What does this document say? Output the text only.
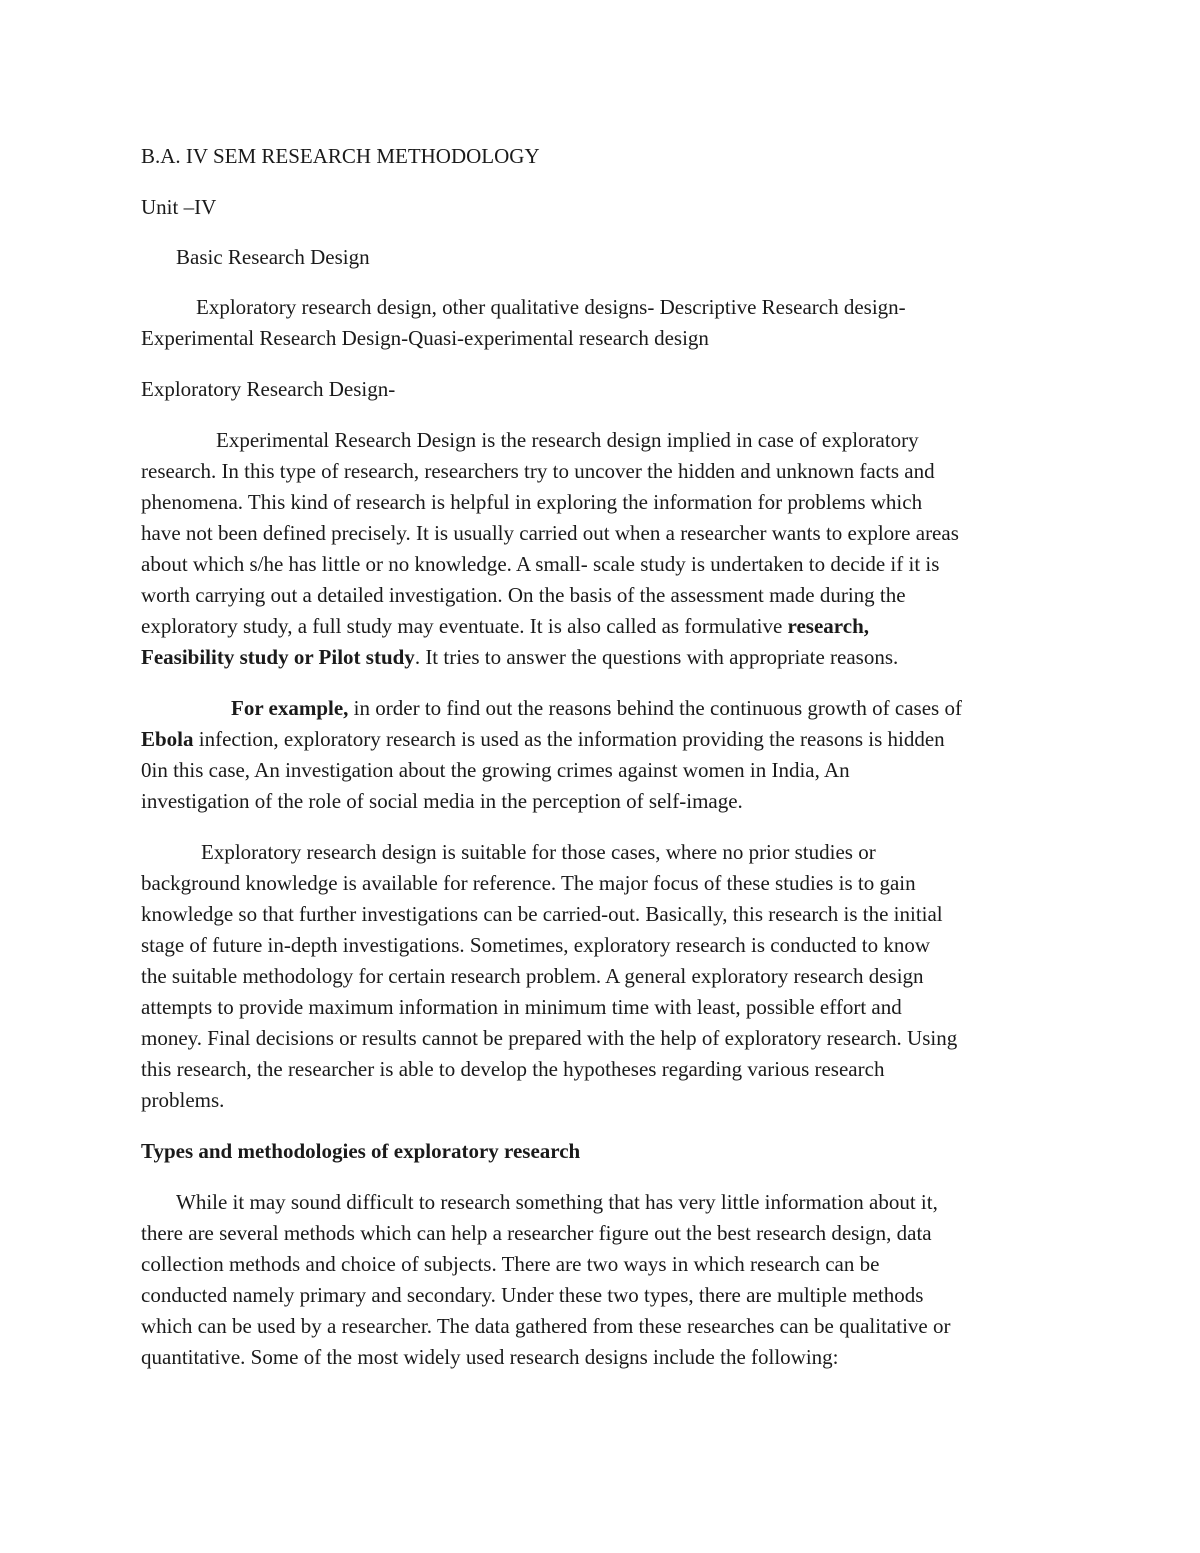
B.A. IV SEM RESEARCH METHODOLOGY
Unit –IV
Basic Research Design
Exploratory research design, other qualitative designs- Descriptive Research design-
Experimental Research Design-Quasi-experimental research design
Exploratory Research Design-
Experimental Research Design is the research design implied in case of exploratory
research. In this type of research, researchers try to uncover the hidden and unknown facts and
phenomena. This kind of research is helpful in exploring the information for problems which
have not been defined precisely. It is usually carried out when a researcher wants to explore areas
about which s/he has little or no knowledge. A small- scale study is undertaken to decide if it is
worth carrying out a detailed investigation. On the basis of the assessment made during the
exploratory study, a full study may eventuate. It is also called as formulative research,
Feasibility study or Pilot study. It tries to answer the questions with appropriate reasons.
For example, in order to find out the reasons behind the continuous growth of cases of
Ebola infection, exploratory research is used as the information providing the reasons is hidden
0in this case, An investigation about the growing crimes against women in India, An
investigation of the role of social media in the perception of self-image.
Exploratory research design is suitable for those cases, where no prior studies or
background knowledge is available for reference. The major focus of these studies is to gain
knowledge so that further investigations can be carried-out. Basically, this research is the initial
stage of future in-depth investigations. Sometimes, exploratory research is conducted to know
the suitable methodology for certain research problem. A general exploratory research design
attempts to provide maximum information in minimum time with least, possible effort and
money. Final decisions or results cannot be prepared with the help of exploratory research. Using
this research, the researcher is able to develop the hypotheses regarding various research
problems.
Types and methodologies of exploratory research
While it may sound difficult to research something that has very little information about it,
there are several methods which can help a researcher figure out the best research design, data
collection methods and choice of subjects. There are two ways in which research can be
conducted namely primary and secondary. Under these two types, there are multiple methods
which can be used by a researcher. The data gathered from these researches can be qualitative or
quantitative. Some of the most widely used research designs include the following:
